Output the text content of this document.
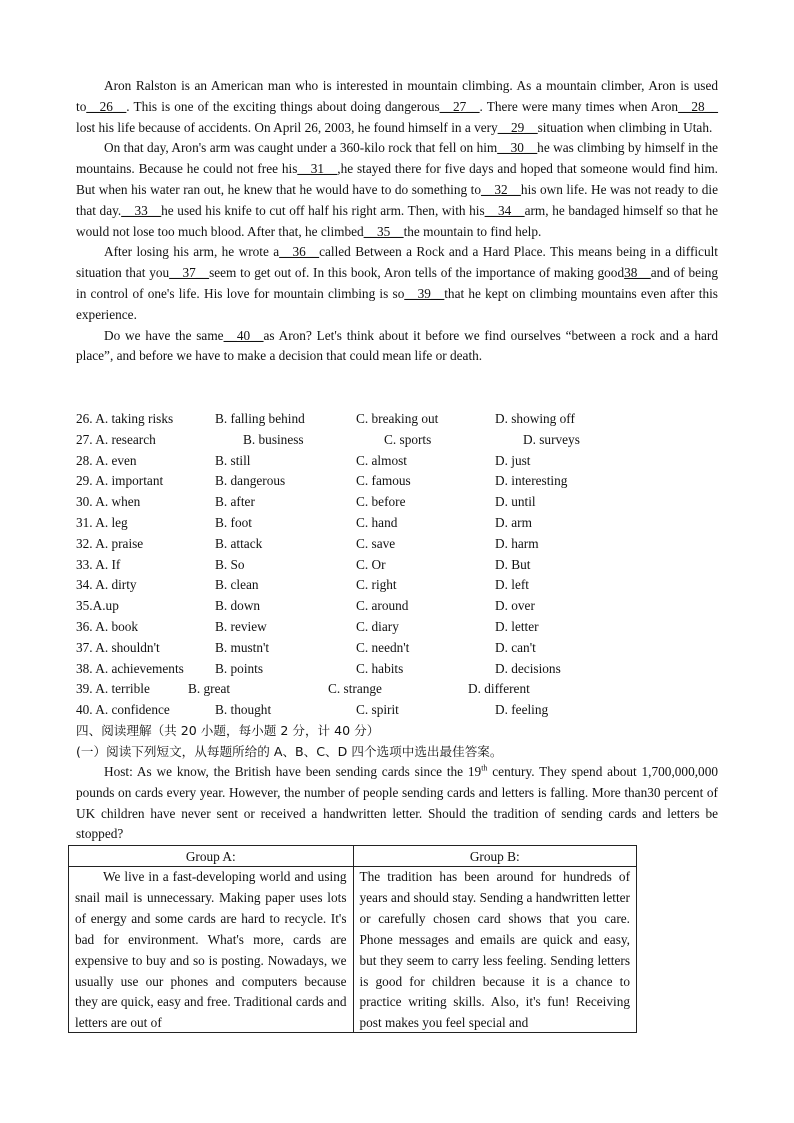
Aron Ralston is an American man who is interested in mountain climbing. As a mountain climber, Aron is used to__26__. This is one of the exciting things about doing dangerous__27__. There were many times when Aron__28__ lost his life because of accidents. On April 26, 2003, he found himself in a very__29__situation when climbing in Utah.

On that day, Aron's arm was caught under a 360-kilo rock that fell on him__30__he was climbing by himself in the mountains. Because he could not free his__31__,he stayed there for five days and hoped that someone would find him. But when his water ran out, he knew that he would have to do something to__32__his own life. He was not ready to die that day.__33__he used his knife to cut off half his right arm. Then, with his__34__arm, he bandaged himself so that he would not lose too much blood. After that, he climbed__35__the mountain to find help.

After losing his arm, he wrote a__36__called Between a Rock and a Hard Place. This means being in a difficult situation that you__37__seem to get out of. In this book, Aron tells of the importance of making good38__and of being in control of one's life. His love for mountain climbing is so__39__that he kept on climbing mountains even after this experience.

Do we have the same__40__as Aron? Let's think about it before we find ourselves “between a rock and a hard place”, and before we have to make a decision that could mean life or death.

26. A. taking risks	B. falling behind	C. breaking out	D. showing off
27. A. research	B. business	C. sports	D. surveys
28. A. even	B. still	C. almost	D. just
29. A. important	B. dangerous	C. famous	D. interesting
30. A. when	B. after	C. before	D. until
31. A. leg	B. foot	C. hand	D. arm
32. A. praise	B. attack	C. save	D. harm
33. A. If	B. So	C. Or	D. But
34. A. dirty	B. clean	C. right	D. left
35.A.up	B. down	C. around	D. over
36. A. book	B. review	C. diary	D. letter
37. A. shouldn't	B. mustn't	C. needn't	D. can't
38. A. achievements B. points	C. habits	D. decisions
39. A. terrible	B. great	C. strange	D. different
40. A. confidence	B. thought	C. spirit	D. feeling
四、阅读理解（共 20 小题，每小题 2 分，计 40 分）
(一）阅读下列短文，从每题所给的 A、B、C、D 四个选项中选出最佳答案。
Host: As we know, the British have been sending cards since the 19th century. They spend about 1,700,000,000 pounds on cards every year. However, the number of people sending cards and letters is falling. More than30 percent of UK children have never sent or received a handwritten letter. Should the tradition of sending cards and letters be stopped?
Group A:
We live in a fast-developing world and using snail mail is unnecessary. Making paper uses lots of energy and some cards are hard to recycle. It's bad for environment. What's more, cards are expensive to buy and so is posting. Nowadays, we usually use our phones and computers because they are quick, easy and free. Traditional cards and letters are out of
Group B:
The tradition has been around for hundreds of years and should stay. Sending a handwritten letter or carefully chosen card shows that you care. Phone messages and emails are quick and easy, but they seem to carry less feeling. Sending letters is good for children because it is a chance to practice writing skills. Also, it's fun! Receiving post makes you feel special and
